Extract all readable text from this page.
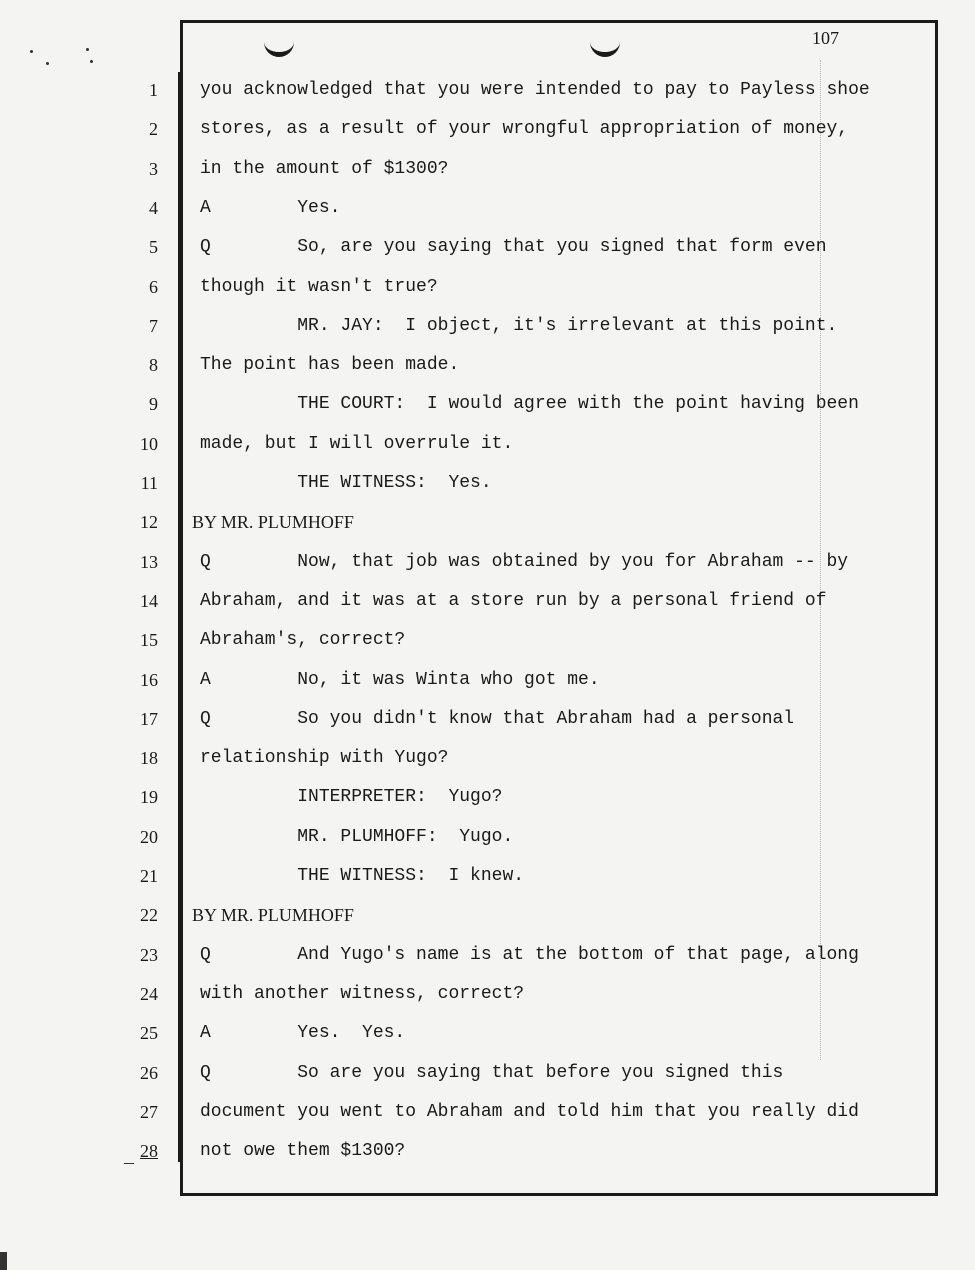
107
1 you acknowledged that you were intended to pay to Payless shoe
2 stores, as a result of your wrongful appropriation of money,
3 in the amount of $1300?
4 A        Yes.
5 Q        So, are you saying that you signed that form even
6 though it wasn't true?
7 MR. JAY:  I object, it's irrelevant at this point.
8 The point has been made.
9 THE COURT:  I would agree with the point having been
10 made, but I will overrule it.
11 THE WITNESS:  Yes.
12 BY MR. PLUMHOFF
13 Q        Now, that job was obtained by you for Abraham -- by
14 Abraham, and it was at a store run by a personal friend of
15 Abraham's, correct?
16 A        No, it was Winta who got me.
17 Q        So you didn't know that Abraham had a personal
18 relationship with Yugo?
19 INTERPRETER:  Yugo?
20 MR. PLUMHOFF:  Yugo.
21 THE WITNESS:  I knew.
22 BY MR. PLUMHOFF
23 Q        And Yugo's name is at the bottom of that page, along
24 with another witness, correct?
25 A        Yes.  Yes.
26 Q        So are you saying that before you signed this
27 document you went to Abraham and told him that you really did
28 not owe them $1300?
